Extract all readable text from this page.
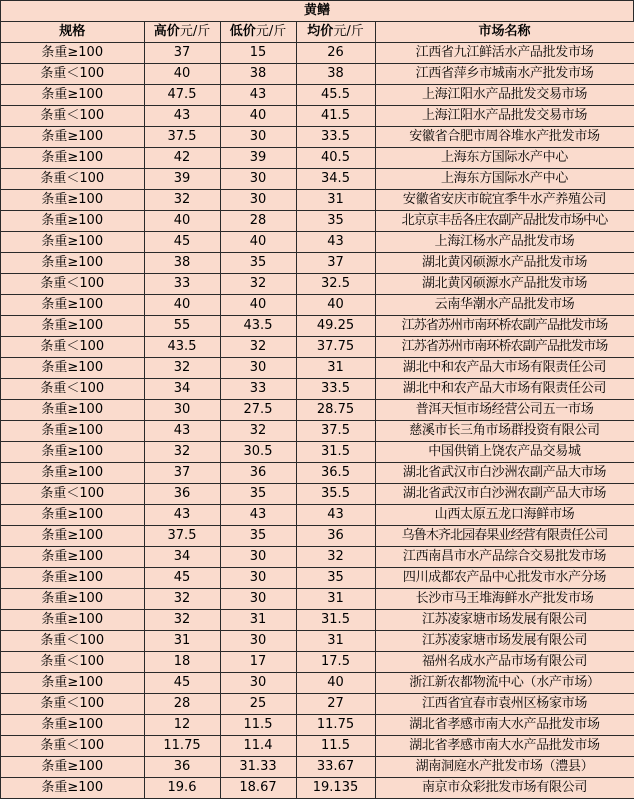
黄鳝
规格	高价元/斤	低价元/斤	均价元/斤	市场名称
条重≥100	37	15	26	江西省九江鲜活水产品批发市场
条重＜100	40	38	38	江西省萍乡市城南水产批发市场
条重≥100	47.5	43	45.5	上海江阳水产品批发交易市场
条重＜100	43	40	41.5	上海江阳水产品批发交易市场
条重≥100	37.5	30	33.5	安徽省合肥市周谷堆水产批发市场
条重≥100	42	39	40.5	上海东方国际水产中心
条重＜100	39	30	34.5	上海东方国际水产中心
条重≥100	32	30	31	安徽省安庆市皖宜季牛水产养殖公司
条重≥100	40	28	35	北京京丰岳各庄农副产品批发市场中心
条重≥100	45	40	43	上海江杨水产品批发市场
条重≥100	38	35	37	湖北黄冈硕源水产品批发市场
条重＜100	33	32	32.5	湖北黄冈硕源水产品批发市场
条重≥100	40	40	40	云南华潮水产品批发市场
条重≥100	55	43.5	49.25	江苏省苏州市南环桥农副产品批发市场
条重＜100	43.5	32	37.75	江苏省苏州市南环桥农副产品批发市场
条重≥100	32	30	31	湖北中和农产品大市场有限责任公司
条重＜100	34	33	33.5	湖北中和农产品大市场有限责任公司
条重≥100	30	27.5	28.75	普洱天恒市场经营公司五一市场
条重≥100	43	32	37.5	慈溪市长三角市场群投资有限公司
条重≥100	32	30.5	31.5	中国供销上饶农产品交易城
条重≥100	37	36	36.5	湖北省武汉市白沙洲农副产品大市场
条重＜100	36	35	35.5	湖北省武汉市白沙洲农副产品大市场
条重≥100	43	43	43	山西太原五龙口海鲜市场
条重≥100	37.5	35	36	乌鲁木齐北园春果业经营有限责任公司
条重≥100	34	30	32	江西南昌市水产品综合交易批发市场
条重≥100	45	30	35	四川成都农产品中心批发市水产分场
条重≥100	32	30	31	长沙市马王堆海鲜水产批发市场
条重≥100	32	31	31.5	江苏凌家塘市场发展有限公司
条重＜100	31	30	31	江苏凌家塘市场发展有限公司
条重＜100	18	17	17.5	福州名成水产品市场有限公司
条重≥100	45	30	40	浙江新农都物流中心（水产市场）
条重＜100	28	25	27	江西省宜春市袁州区杨家市场
条重≥100	12	11.5	11.75	湖北省孝感市南大水产品批发市场
条重＜100	11.75	11.4	11.5	湖北省孝感市南大水产品批发市场
条重≥100	36	31.33	33.67	湖南洞庭水产批发市场（澧县）
条重≥100	19.6	18.67	19.135	南京市众彩批发市场有限公司
